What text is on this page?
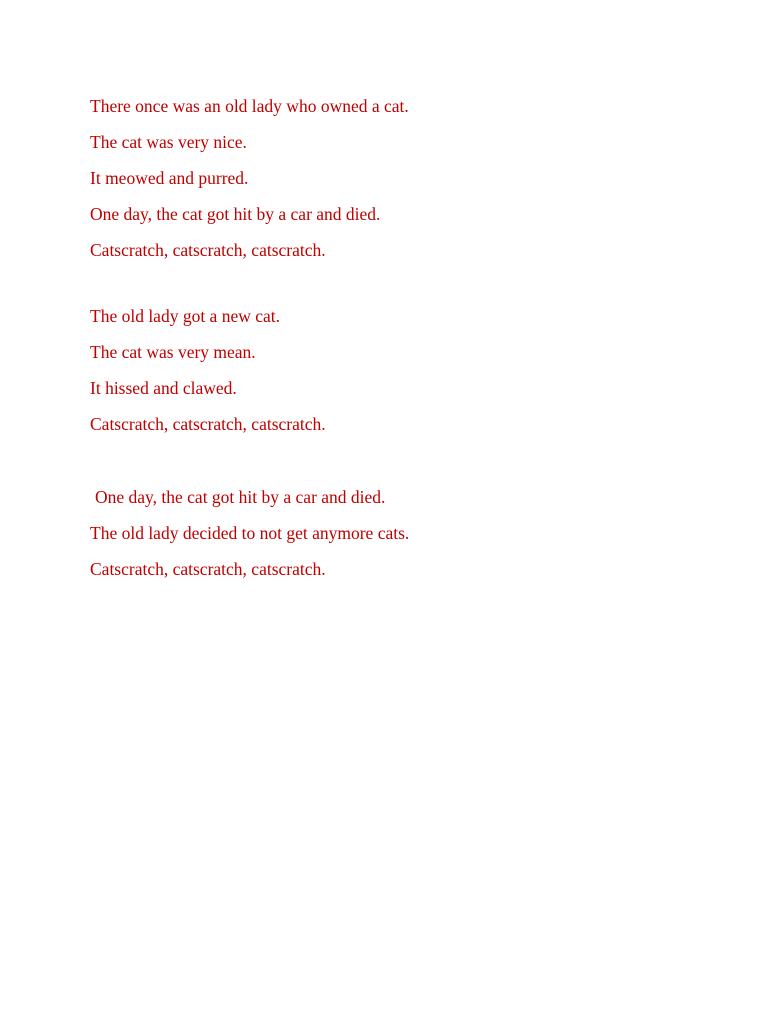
There once was an old lady who owned a cat.
The cat was very nice.
It meowed and purred.
One day, the cat got hit by a car and died.
Catscratch, catscratch, catscratch.
The old lady got a new cat.
The cat was very mean.
It hissed and clawed.
Catscratch, catscratch, catscratch.
One day, the cat got hit by a car and died.
The old lady decided to not get anymore cats.
Catscratch, catscratch, catscratch.
